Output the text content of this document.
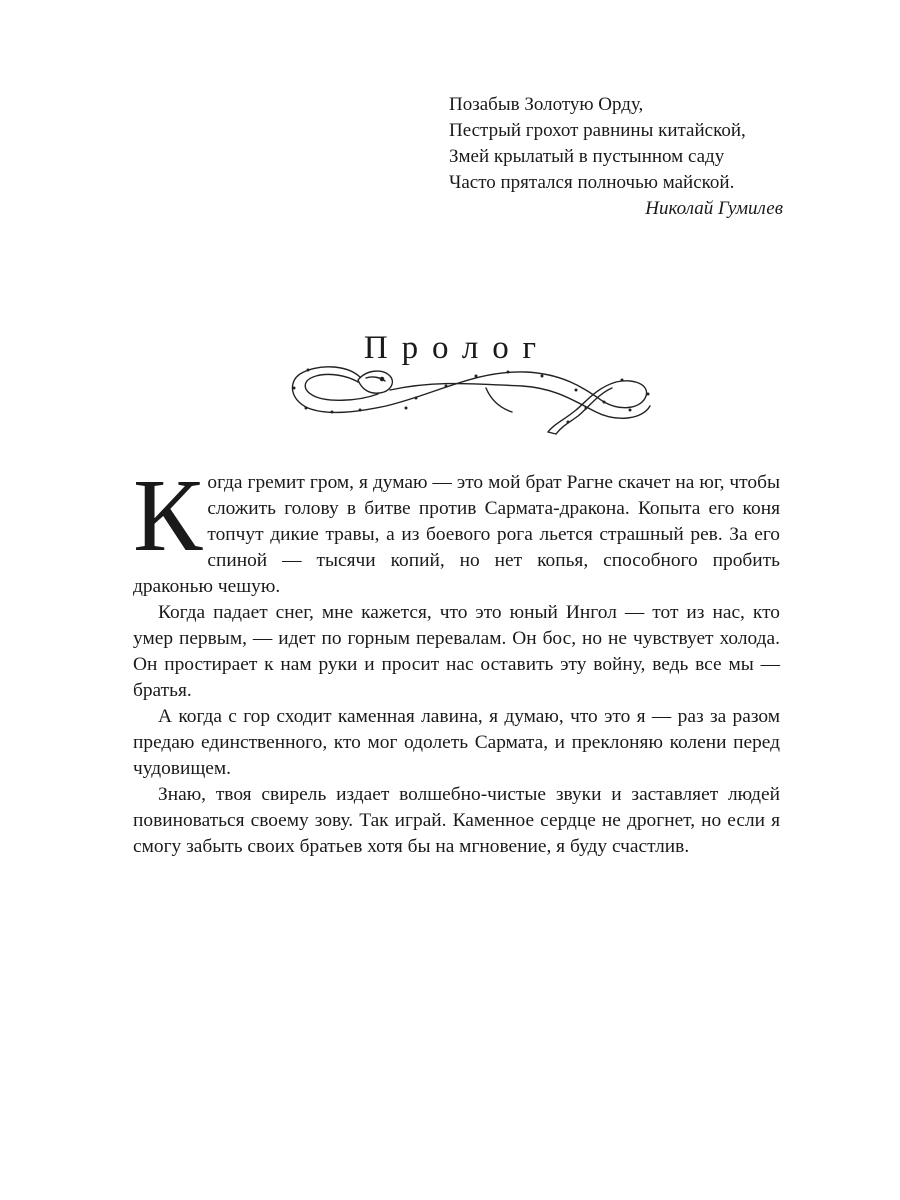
Позабыв Золотую Орду,
Пестрый грохот равнины китайской,
Змей крылатый в пустынном саду
Часто прятался полночью майской.
Николай Гумилев
Пролог

Когда гремит гром, я думаю — это мой брат Рагне скачет на юг, чтобы сложить голову в битве против Сармата-дракона. Копыта его коня топчут дикие травы, а из боевого рога льется страшный рев. За его спиной — тысячи копий, но нет копья, способного пробить драконью чешую.

Когда падает снег, мне кажется, что это юный Ингол — тот из нас, кто умер первым, — идет по горным перевалам. Он бос, но не чувствует холода. Он простирает к нам руки и просит нас оставить эту войну, ведь все мы — братья.

А когда с гор сходит каменная лавина, я думаю, что это я — раз за разом предаю единственного, кто мог одолеть Сармата, и преклоняю колени перед чудовищем.

Знаю, твоя свирель издает волшебно-чистые звуки и заставляет людей повиноваться своему зову. Так играй. Каменное сердце не дрогнет, но если я смогу забыть своих братьев хотя бы на мгновение, я буду счастлив.
